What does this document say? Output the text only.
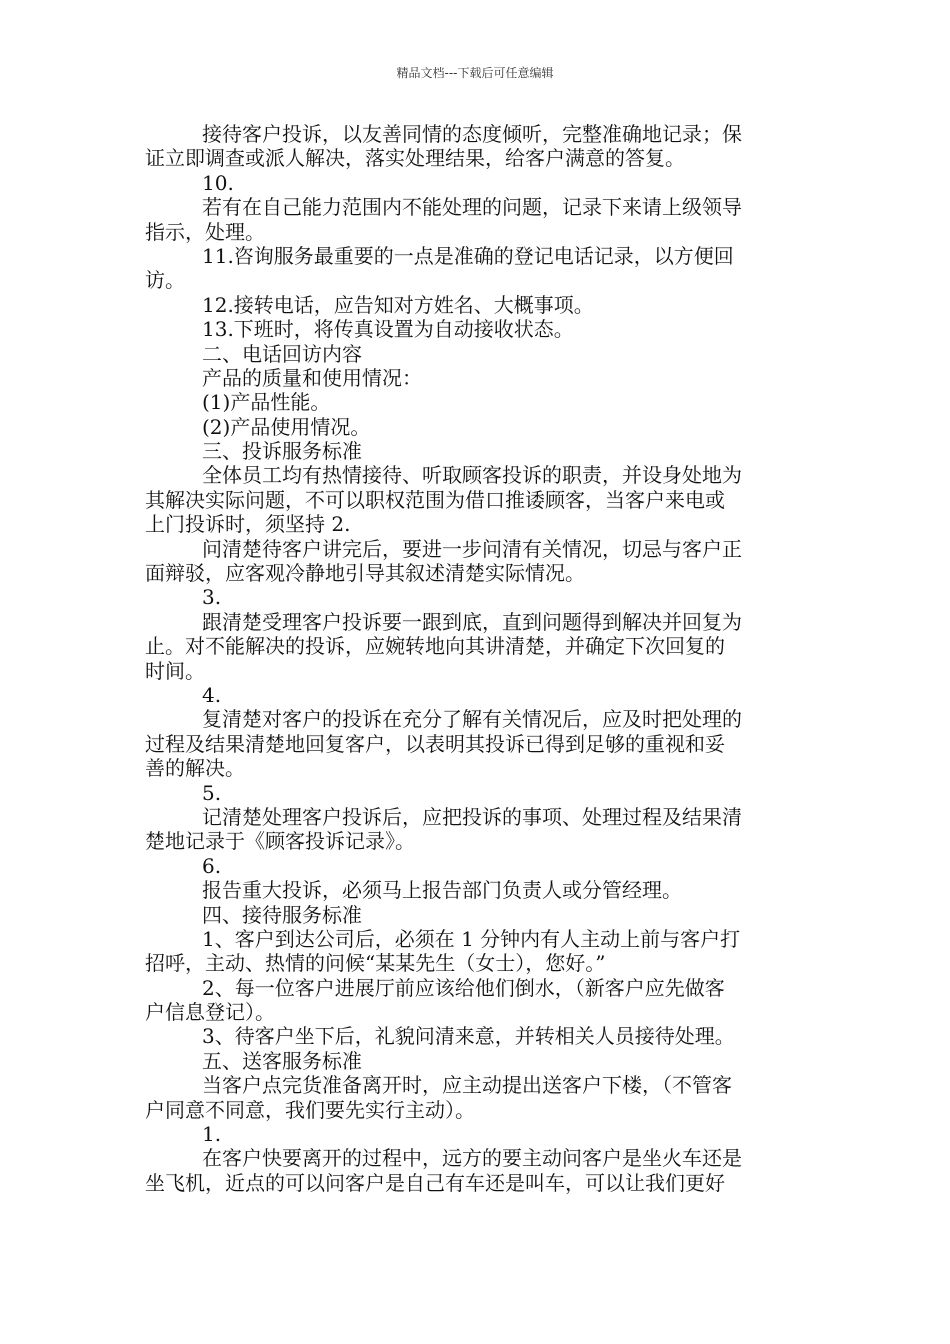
精品文档---下载后可任意编辑
接待客户投诉，以友善同情的态度倾听，完整准确地记录；保
证立即调查或派人解决，落实处理结果，给客户满意的答复。
10.
若有在自己能力范围内不能处理的问题，记录下来请上级领导
指示，处理。
11.咨询服务最重要的一点是准确的登记电话记录，以方便回
访。
12.接转电话，应告知对方姓名、大概事项。
13.下班时，将传真设置为自动接收状态。
二、电话回访内容
产品的质量和使用情况：
(1)产品性能。
(2)产品使用情况。
三、投诉服务标准
全体员工均有热情接待、听取顾客投诉的职责，并设身处地为
其解决实际问题，不可以职权范围为借口推诿顾客，当客户来电或
上门投诉时，须坚持 2.
问清楚待客户讲完后，要进一步问清有关情况，切忌与客户正
面辩驳，应客观冷静地引导其叙述清楚实际情况。
3.
跟清楚受理客户投诉要一跟到底，直到问题得到解决并回复为
止。对不能解决的投诉，应婉转地向其讲清楚，并确定下次回复的
时间。
4.
复清楚对客户的投诉在充分了解有关情况后，应及时把处理的
过程及结果清楚地回复客户，以表明其投诉已得到足够的重视和妥
善的解决。
5.
记清楚处理客户投诉后，应把投诉的事项、处理过程及结果清
楚地记录于《顾客投诉记录》。
6.
报告重大投诉，必须马上报告部门负责人或分管经理。
四、接待服务标准
1、客户到达公司后，必须在 1 分钟内有人主动上前与客户打
招呼，主动、热情的问候“某某先生（女士），您好。”
2、每一位客户进展厅前应该给他们倒水，（新客户应先做客
户信息登记）。
3、待客户坐下后，礼貌问清来意，并转相关人员接待处理。
五、送客服务标准
当客户点完货准备离开时，应主动提出送客户下楼，（不管客
户同意不同意，我们要先实行主动）。
1.
在客户快要离开的过程中，远方的要主动问客户是坐火车还是
坐飞机，近点的可以问客户是自己有车还是叫车，可以让我们更好
